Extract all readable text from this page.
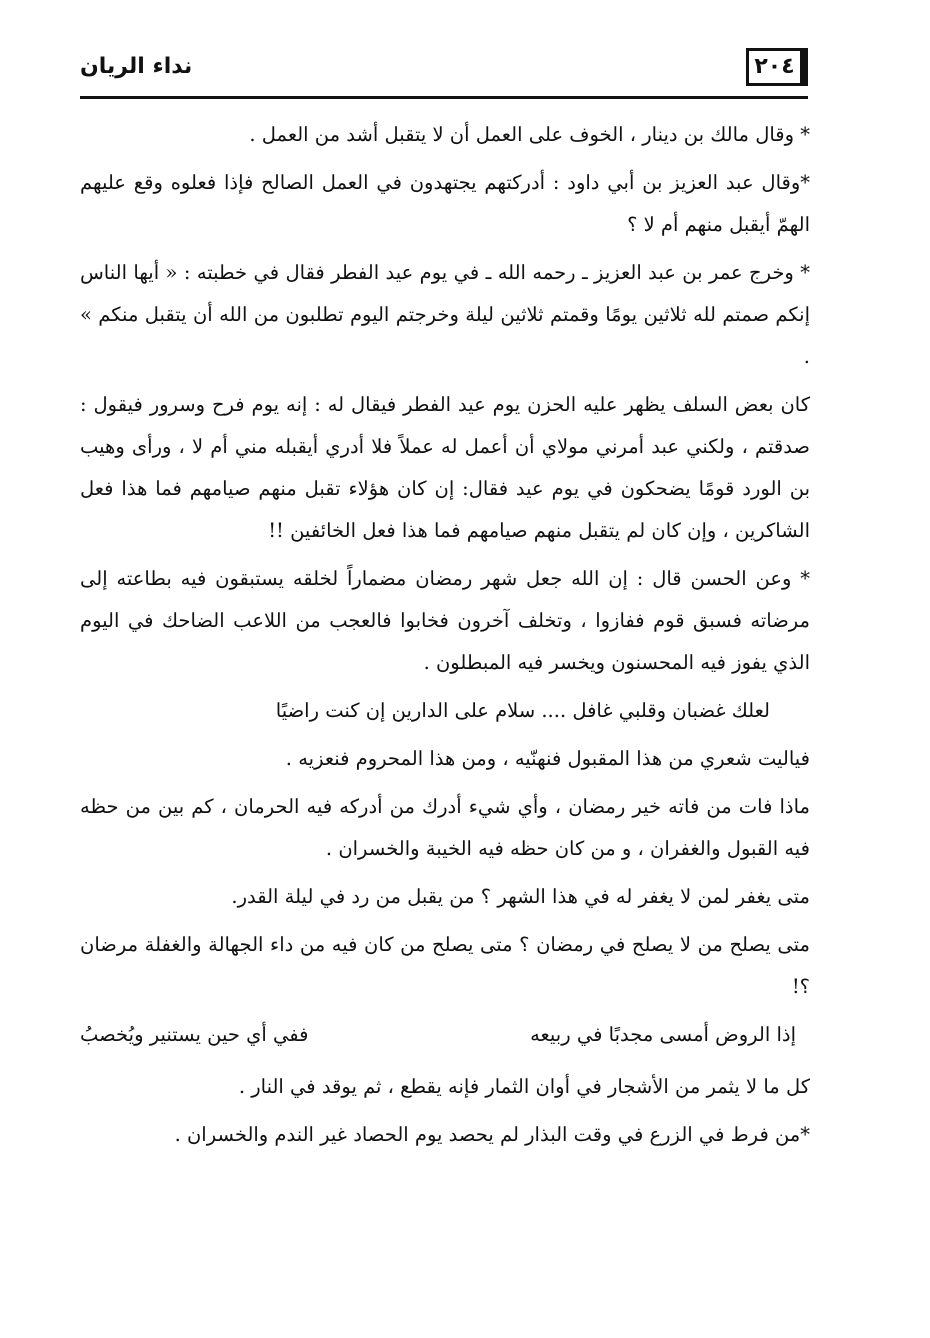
٢٠٤
نداء الريان

* وقال مالك بن دينار ، الخوف على العمل أن لا يتقبل أشد من العمل .

*وقال عبد العزيز بن أبي داود : أدركتهم يجتهدون في العمل الصالح فإذا فعلوه وقع عليهم الهمّ أيقبل منهم أم لا ؟

* وخرج عمر بن عبد العزيز ـ رحمه الله ـ في يوم عيد الفطر فقال في خطبته : « أيها الناس إنكم صمتم لله ثلاثين يومًا وقمتم ثلاثين ليلة وخرجتم اليوم تطلبون من الله أن يتقبل منكم » .

كان بعض السلف يظهر عليه الحزن يوم عيد الفطر فيقال له : إنه يوم فرح وسرور فيقول : صدقتم ، ولكني عبد أمرني مولاي أن أعمل له عملاً فلا أدري أيقبله مني أم لا ، ورأى وهيب بن الورد قومًا يضحكون في يوم عيد فقال: إن كان هؤلاء تقبل منهم صيامهم فما هذا فعل الشاكرين ، وإن كان لم يتقبل منهم صيامهم فما هذا فعل الخائفين !!

* وعن الحسن قال : إن الله جعل شهر رمضان مضماراً لخلقه يستبقون فيه بطاعته إلى مرضاته فسبق قوم ففازوا ، وتخلف آخرون فخابوا فالعجب من اللاعب الضاحك في اليوم الذي يفوز فيه المحسنون ويخسر فيه المبطلون .

لعلك غضبان وقلبي غافل .... سلام على الدارين إن كنت راضيًا

فياليت شعري من هذا المقبول فنهنّيه ، ومن هذا المحروم فنعزيه .

ماذا فات من فاته خير رمضان ، وأي شيء أدرك من أدركه فيه الحرمان ، كم بين من حظه فيه القبول والغفران ، و من كان حظه فيه الخيبة والخسران .

متى يغفر لمن لا يغفر له في هذا الشهر ؟ من يقبل من رد في ليلة القدر.

متى يصلح من لا يصلح في رمضان ؟ متى يصلح من كان فيه من داء الجهالة والغفلة مرضان ؟!

إذا الروض أمسى مجدبًا في ربيعه
ففي أي حين يستنير ويُخصبُ

كل ما لا يثمر من الأشجار في أوان الثمار فإنه يقطع ، ثم يوقد في النار .

*من فرط في الزرع في وقت البذار لم يحصد يوم الحصاد غير الندم والخسران .
